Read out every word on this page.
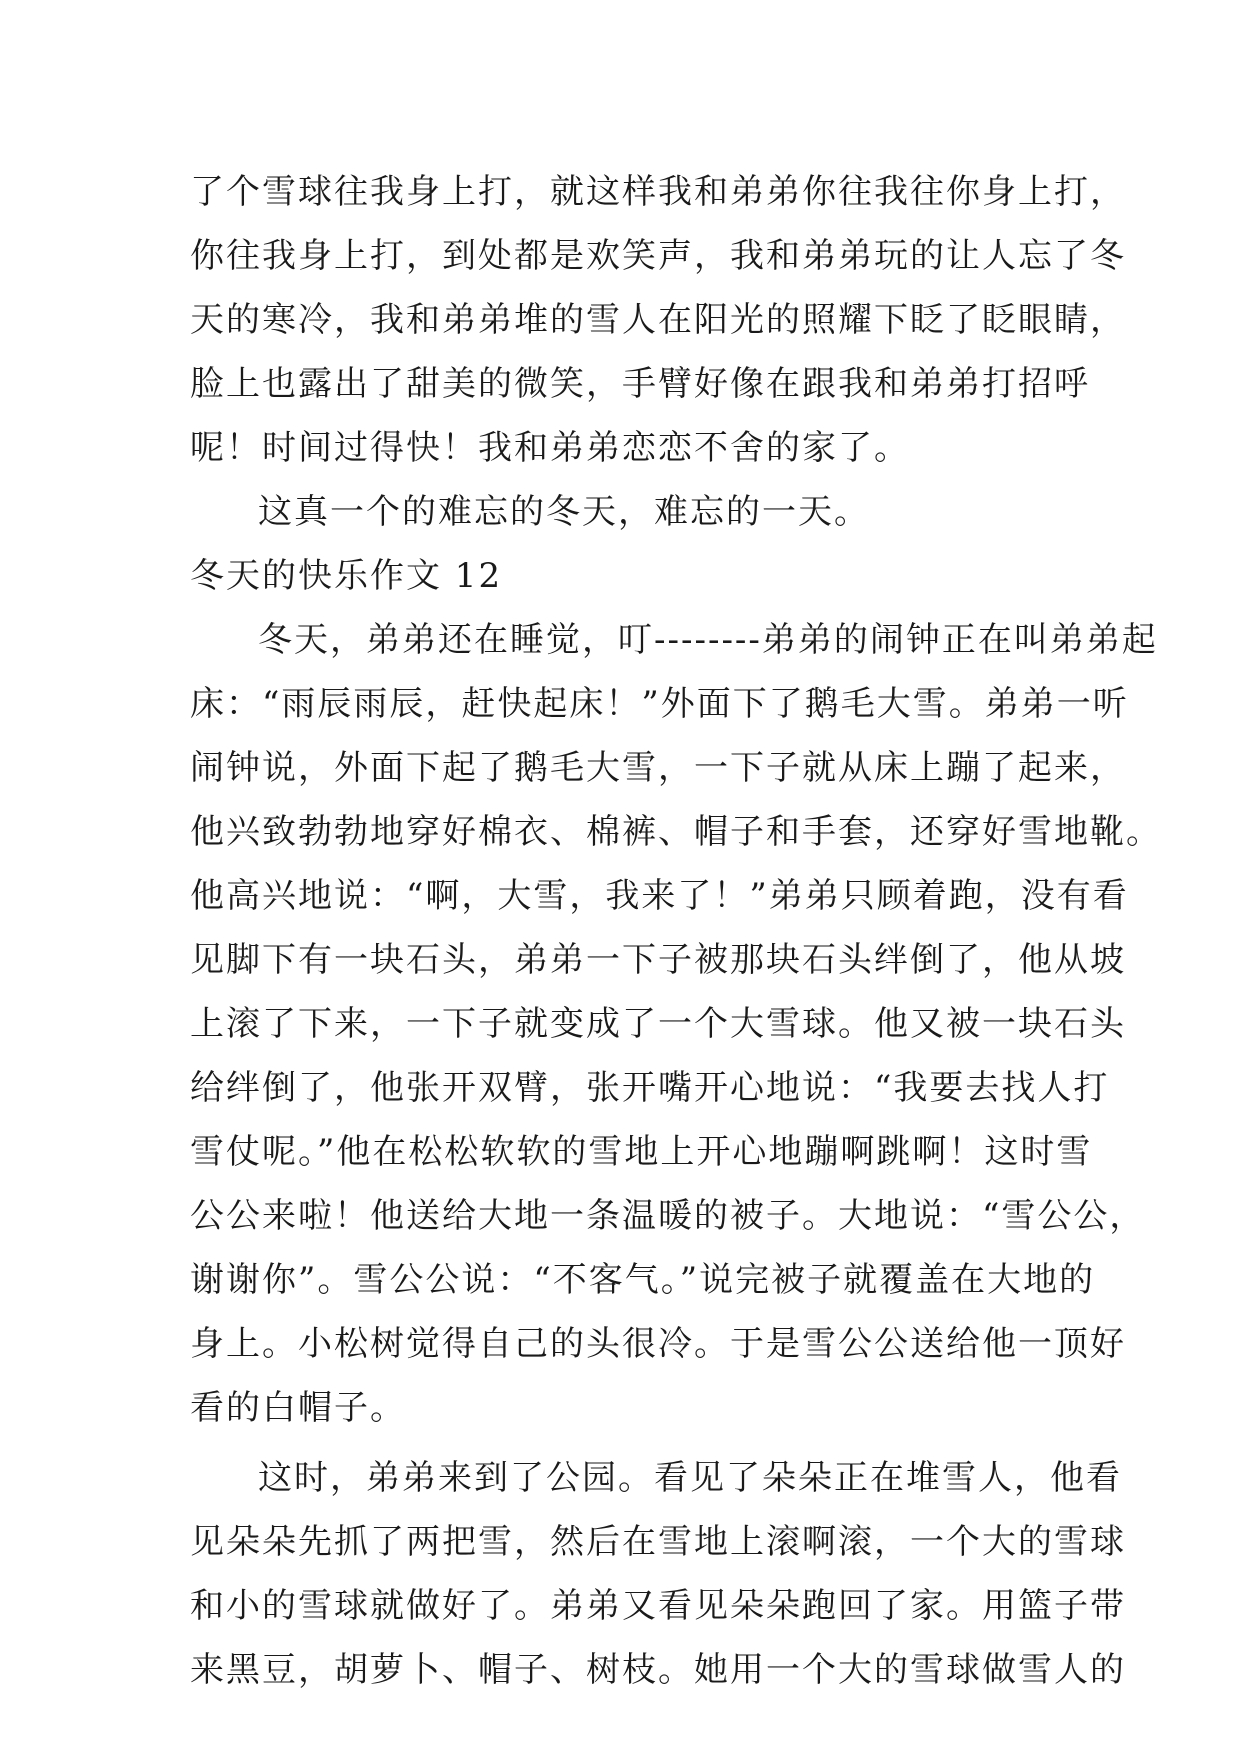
了个雪球往我身上打，就这样我和弟弟你往我往你身上打，
你往我身上打，到处都是欢笑声，我和弟弟玩的让人忘了冬
天的寒冷，我和弟弟堆的雪人在阳光的照耀下眨了眨眼睛，
脸上也露出了甜美的微笑，手臂好像在跟我和弟弟打招呼
呢！时间过得快！我和弟弟恋恋不舍的家了。
这真一个的难忘的冬天，难忘的一天。
冬天的快乐作文 12
冬天，弟弟还在睡觉，叮--------弟弟的闹钟正在叫弟弟起
床：“雨辰雨辰，赶快起床！”外面下了鹅毛大雪。弟弟一听
闹钟说，外面下起了鹅毛大雪，一下子就从床上蹦了起来，
他兴致勃勃地穿好棉衣、棉裤、帽子和手套，还穿好雪地靴。
他高兴地说：“啊，大雪，我来了！”弟弟只顾着跑，没有看
见脚下有一块石头，弟弟一下子被那块石头绊倒了，他从坡
上滚了下来，一下子就变成了一个大雪球。他又被一块石头
给绊倒了，他张开双臂，张开嘴开心地说：“我要去找人打
雪仗呢。”他在松松软软的雪地上开心地蹦啊跳啊！这时雪
公公来啦！他送给大地一条温暖的被子。大地说：“雪公公，
谢谢你”。雪公公说：“不客气。”说完被子就覆盖在大地的
身上。小松树觉得自己的头很冷。于是雪公公送给他一顶好
看的白帽子。
这时，弟弟来到了公园。看见了朵朵正在堆雪人，他看
见朵朵先抓了两把雪，然后在雪地上滚啊滚，一个大的雪球
和小的雪球就做好了。弟弟又看见朵朵跑回了家。用篮子带
来黑豆，胡萝卜、帽子、树枝。她用一个大的雪球做雪人的
